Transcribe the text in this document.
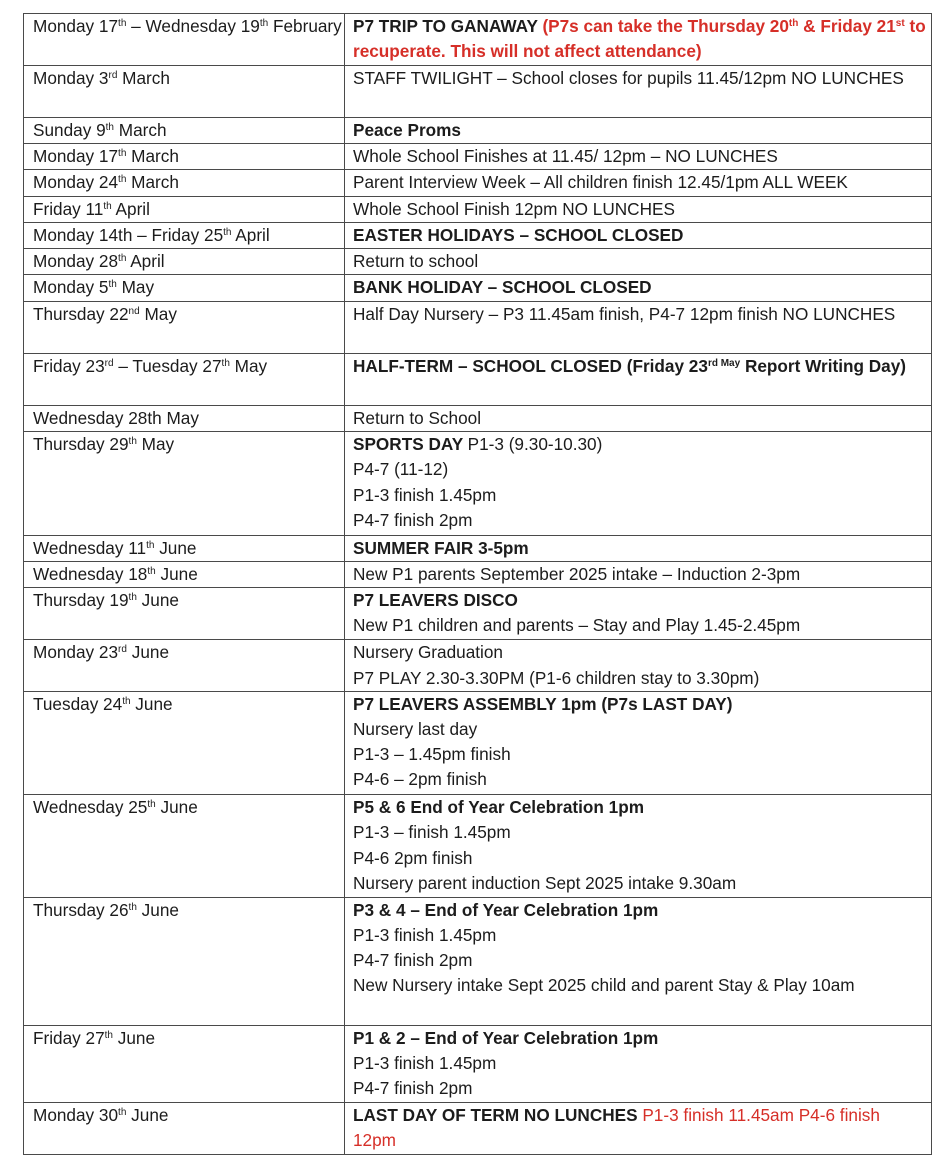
Monday 17th – Wednesday 19th February	P7 TRIP TO GANAWAY (P7s can take the Thursday 20th & Friday 21st to recuperate. This will not affect attendance)

Monday 3rd March	STAFF TWILIGHT – School closes for pupils 11.45/12pm NO LUNCHES

Sunday 9th March	Peace Proms

Monday 17th March	Whole School Finishes at 11.45/ 12pm – NO LUNCHES

Monday 24th March	Parent Interview Week – All children finish 12.45/1pm ALL WEEK

Friday 11th April	Whole School Finish 12pm NO LUNCHES

Monday 14th – Friday 25th April	EASTER HOLIDAYS – SCHOOL CLOSED

Monday 28th April	Return to school

Monday 5th May	BANK HOLIDAY – SCHOOL CLOSED

Thursday 22nd May	Half Day Nursery – P3 11.45am finish, P4-7 12pm finish NO LUNCHES

Friday 23rd – Tuesday 27th May	HALF-TERM – SCHOOL CLOSED (Friday $23^{rd May}$ Report Writing Day)

Wednesday 28th May	Return to School

Thursday 29th May	SPORTS DAY P1-3 (9.30-10.30)
P4-7 (11-12)
P1-3 finish 1.45pm
P4-7 finish 2pm

Wednesday 11th June	SUMMER FAIR 3-5pm

Wednesday 18th June	New P1 parents September 2025 intake – Induction 2-3pm

Thursday 19th June	P7 LEAVERS DISCO
New P1 children and parents – Stay and Play 1.45-2.45pm

Monday 23rd June	Nursery Graduation
P7 PLAY 2.30-3.30PM (P1-6 children stay to 3.30pm)

Tuesday 24th June	P7 LEAVERS ASSEMBLY 1pm (P7s LAST DAY)
Nursery last day
P1-3 – 1.45pm finish
P4-6 – 2pm finish

Wednesday 25th June	P5 & 6 End of Year Celebration 1pm
P1-3 – finish 1.45pm
P4-6 2pm finish
Nursery parent induction Sept 2025 intake 9.30am

Thursday 26th June	P3 & 4 – End of Year Celebration 1pm
P1-3 finish 1.45pm
P4-7 finish 2pm
New Nursery intake Sept 2025 child and parent Stay & Play 10am

Friday 27th June	P1 & 2 – End of Year Celebration 1pm
P1-3 finish 1.45pm
P4-7 finish 2pm

Monday 30th June	LAST DAY OF TERM NO LUNCHES P1-3 finish 11.45am P4-6 finish 12pm
